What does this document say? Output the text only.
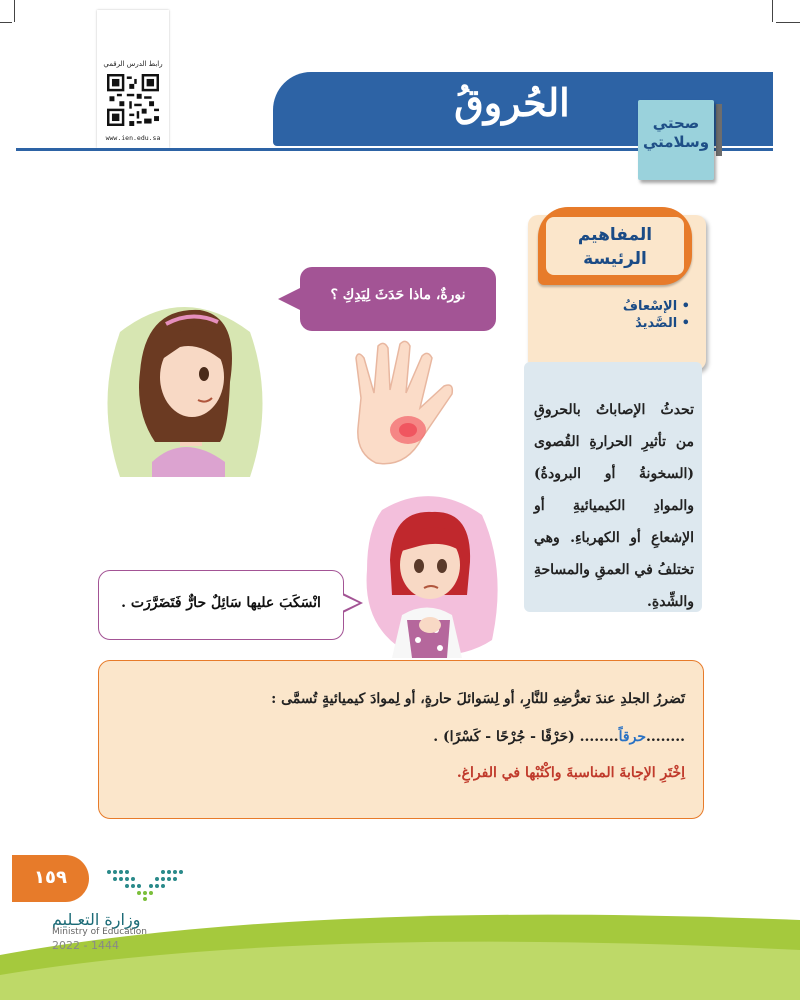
رابط الدرس الرقمي
www.ien.edu.sa
الحُروقُ	صحتي وسلامتي
المفاهيم الرئيسة
• الإسْعافُ
• الصَّديدُ
تحدثُ الإصاباتُ بالحروقِ من تأثيرِ الحرارةِ القُصوى (السخونةُ أو البرودةُ) والموادِ الكيميائيةِ أو الإشعاعِ أو الكهرباءِ. وهي تختلفُ في العمقِ والمساحةِ والشِّدةِ.
نورةٌ، ماذا حَدَثَ لِيَدِكِ ؟
انْسَكَبَ عليها سَائِلٌ حارٌّ فَتَضَرَّرَت .
تَضررُ الجلدِ عندَ تعرُّضِهِ للنَّارِ، أو لِسَوائلَ حارةٍ، أو لِموادَ كيميائيةٍ تُسمَّى :
........حرقاً........ (حَرْقًا - جُرْحًا - كَسْرًا) .
اِخْتَرِ الإجابةَ المناسبةَ واكْتُبْها في الفراغِ.
١٥٩
وزارة التعـليم
Ministry of Education
2022 - 1444
